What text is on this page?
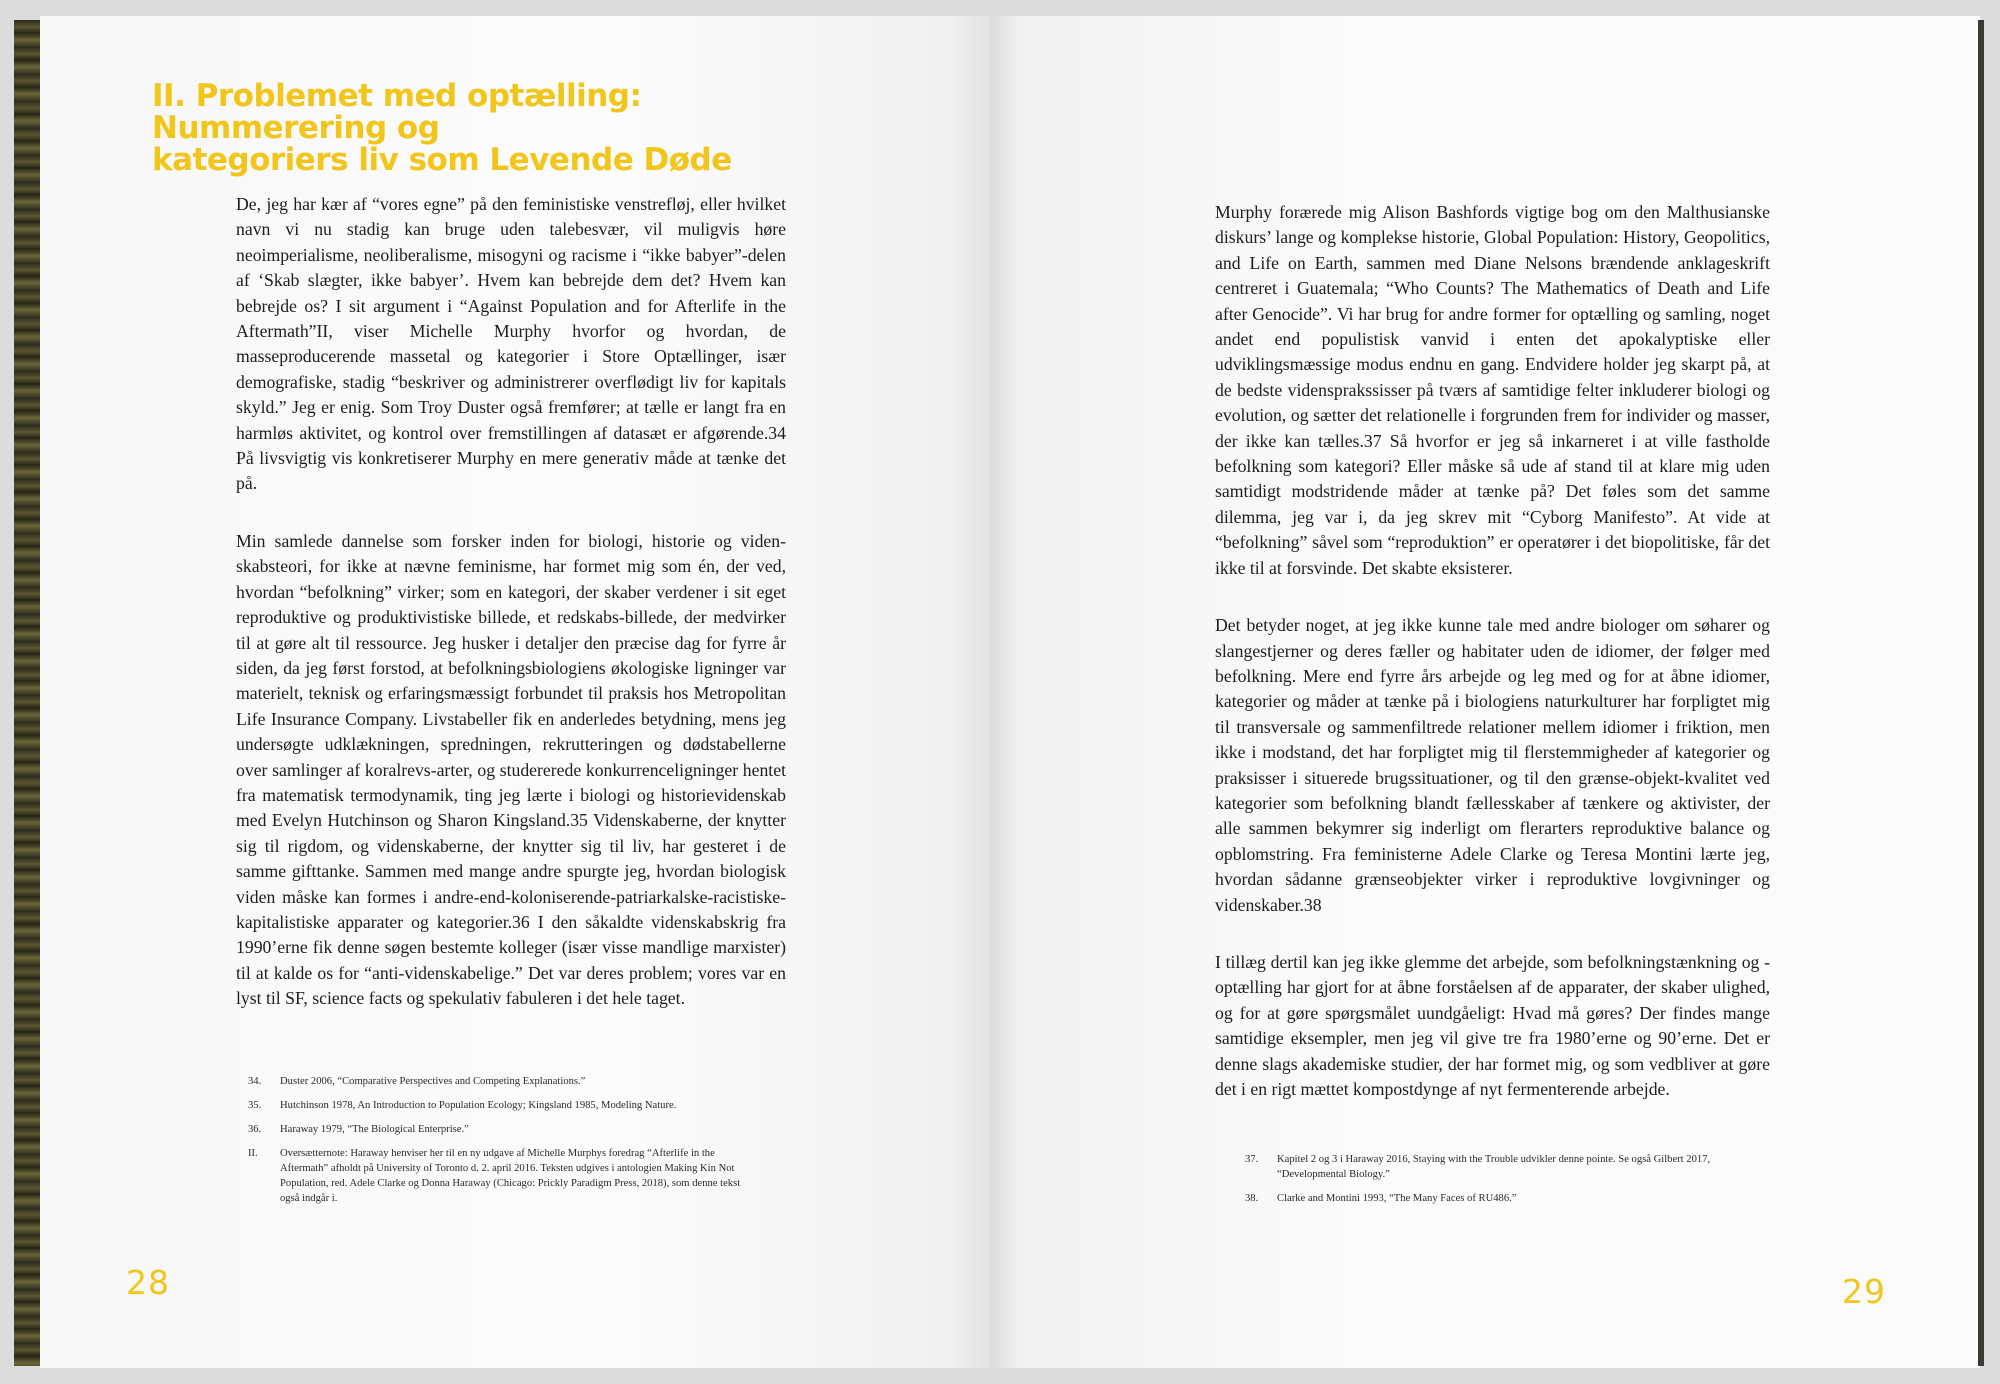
II. Problemet med optælling: Nummerering og
kategoriers liv som Levende Døde

De, jeg har kær af “vores egne” på den feministiske venstrefløj, eller hvilket navn vi nu stadig kan bruge uden talebesvær, vil muligvis høre neoimperialisme, neoliberalisme, misogyni og racisme i “ikke babyer”-delen af ‘Skab slægter, ikke babyer’. Hvem kan bebrejde dem det? Hvem kan bebrejde os? I sit argument i “Against Population and for Afterlife in the Aftermath”II, viser Michelle Murphy hvorfor og hvordan, de masseproducerende massetal og kategorier i Store Optællinger, især demografiske, stadig “beskriver og administrerer overflødigt liv for kapitals skyld.” Jeg er enig. Som Troy Duster også fremfører; at tælle er langt fra en harmløs aktivitet, og kontrol over fremstillingen af datasæt er afgørende.34 På livsvigtig vis konkretiserer Murphy en mere generativ måde at tænke det på.

Min samlede dannelse som forsker inden for biologi, historie og videnskabsteori, for ikke at nævne feminisme, har formet mig som én, der ved, hvordan “befolkning” virker; som en kategori, der skaber verdener i sit eget reproduktive og produktivistiske billede, et redskabs-billede, der medvirker til at gøre alt til ressource. Jeg husker i detaljer den præcise dag for fyrre år siden, da jeg først forstod, at befolkningsbiologiens økologiske ligninger var materielt, teknisk og erfaringsmæssigt forbundet til praksis hos Metropolitan Life Insurance Company. Livstabeller fik en anderledes betydning, mens jeg undersøgte udklækningen, spredningen, rekrutteringen og dødstabellerne over samlinger af koralrevs-arter, og studererede konkurrenceligninger hentet fra matematisk termodynamik, ting jeg lærte i biologi og historievidenskab med Evelyn Hutchinson og Sharon Kingsland.35 Videnskaberne, der knytter sig til rigdom, og videnskaberne, der knytter sig til liv, har gesteret i de samme gifttanke. Sammen med mange andre spurgte jeg, hvordan biologisk viden måske kan formes i andre-end-koloniserende-patriarkalske-racistiske-kapitalistiske apparater og kategorier.36 I den såkaldte videnskabskrig fra 1990’erne fik denne søgen bestemte kolleger (især visse mandlige marxister) til at kalde os for “anti-videnskabelige.” Det var deres problem; vores var en lyst til SF, science facts og spekulativ fabuleren i det hele taget.

34. Duster 2006, “Comparative Perspectives and Competing Explanations.”
35. Hutchinson 1978, An Introduction to Population Ecology; Kingsland 1985, Modeling Nature.
36. Haraway 1979, “The Biological Enterprise.”
II. Oversætternote: Haraway henviser her til en ny udgave af Michelle Murphys foredrag “Afterlife in the Aftermath” afholdt på University of Toronto d. 2. april 2016. Teksten udgives i antologien Making Kin Not Population, red. Adele Clarke og Donna Haraway (Chicago: Prickly Paradigm Press, 2018), som denne tekst også indgår i.
28

Murphy forærede mig Alison Bashfords vigtige bog om den Malthusianske diskurs’ lange og komplekse historie, Global Population: History, Geopolitics, and Life on Earth, sammen med Diane Nelsons brændende anklageskrift centreret i Guatemala; “Who Counts? The Mathematics of Death and Life after Genocide”. Vi har brug for andre former for optælling og samling, noget andet end populistisk vanvid i enten det apokalyptiske eller udviklingsmæssige modus endnu en gang. Endvidere holder jeg skarpt på, at de bedste vidensprakssisser på tværs af samtidige felter inkluderer biologi og evolution, og sætter det relationelle i forgrunden frem for individer og masser, der ikke kan tælles.37 Så hvorfor er jeg så inkarneret i at ville fastholde befolkning som kategori? Eller måske så ude af stand til at klare mig uden samtidigt modstridende måder at tænke på? Det føles som det samme dilemma, jeg var i, da jeg skrev mit “Cyborg Manifesto”. At vide at “befolkning” såvel som “reproduktion” er operatører i det biopolitiske, får det ikke til at forsvinde. Det skabte eksisterer.

Det betyder noget, at jeg ikke kunne tale med andre biologer om søharer og slangestjerner og deres fæller og habitater uden de idiomer, der følger med befolkning. Mere end fyrre års arbejde og leg med og for at åbne idiomer, kategorier og måder at tænke på i biologiens naturkulturer har forpligtet mig til transversale og sammenfiltrede relationer mellem idiomer i friktion, men ikke i modstand, det har forpligtet mig til flerstemmigheder af kategorier og praksisser i situerede brugssituationer, og til den grænse-objekt-kvalitet ved kategorier som befolkning blandt fællesskaber af tænkere og aktivister, der alle sammen bekymrer sig inderligt om flerarters reproduktive balance og opblomstring. Fra feministerne Adele Clarke og Teresa Montini lærte jeg, hvordan sådanne grænseobjekter virker i reproduktive lovgivninger og videnskaber.38

I tillæg dertil kan jeg ikke glemme det arbejde, som befolkningstænkning og -optælling har gjort for at åbne forståelsen af de apparater, der skaber ulighed, og for at gøre spørgsmålet uundgåeligt: Hvad må gøres? Der findes mange samtidige eksempler, men jeg vil give tre fra 1980’erne og 90’erne. Det er denne slags akademiske studier, der har formet mig, og som vedbliver at gøre det i en rigt mættet kompostdynge af nyt fermenterende arbejde.

37. Kapitel 2 og 3 i Haraway 2016, Staying with the Trouble udvikler denne pointe. Se også Gilbert 2017, “Developmental Biology.”
38. Clarke and Montini 1993, “The Many Faces of RU486.”
29
